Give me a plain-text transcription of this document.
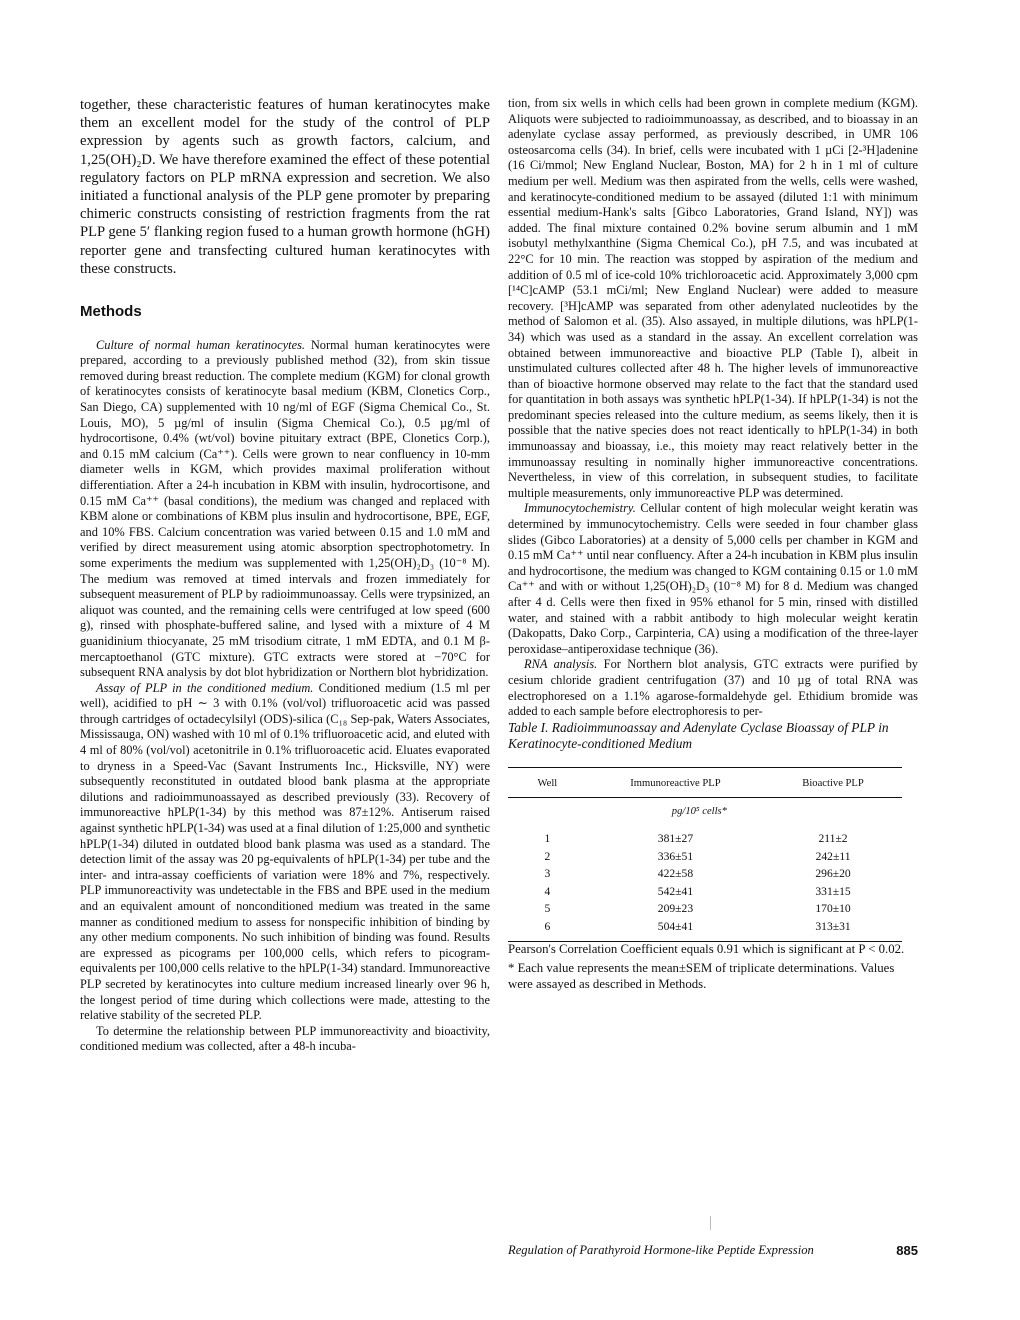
together, these characteristic features of human keratinocytes make them an excellent model for the study of the control of PLP expression by agents such as growth factors, calcium, and 1,25(OH)₂D. We have therefore examined the effect of these potential regulatory factors on PLP mRNA expression and secretion. We also initiated a functional analysis of the PLP gene promoter by preparing chimeric constructs consisting of restriction fragments from the rat PLP gene 5′ flanking region fused to a human growth hormone (hGH) reporter gene and transfecting cultured human keratinocytes with these constructs.

Methods

Culture of normal human keratinocytes. Normal human keratinocytes were prepared, according to a previously published method (32), from skin tissue removed during breast reduction. The complete medium (KGM) for clonal growth of keratinocytes consists of keratinocyte basal medium (KBM, Clonetics Corp., San Diego, CA) supplemented with 10 ng/ml of EGF (Sigma Chemical Co., St. Louis, MO), 5 µg/ml of insulin (Sigma Chemical Co.), 0.5 µg/ml of hydrocortisone, 0.4% (wt/vol) bovine pituitary extract (BPE, Clonetics Corp.), and 0.15 mM calcium (Ca⁺⁺). Cells were grown to near confluency in 10-mm diameter wells in KGM, which provides maximal proliferation without differentiation. After a 24-h incubation in KBM with insulin, hydrocortisone, and 0.15 mM Ca⁺⁺ (basal conditions), the medium was changed and replaced with KBM alone or combinations of KBM plus insulin and hydrocortisone, BPE, EGF, and 10% FBS. Calcium concentration was varied between 0.15 and 1.0 mM and verified by direct measurement using atomic absorption spectrophotometry. In some experiments the medium was supplemented with 1,25(OH)₂D₃ (10⁻⁸ M). The medium was removed at timed intervals and frozen immediately for subsequent measurement of PLP by radioimmunoassay. Cells were trypsinized, an aliquot was counted, and the remaining cells were centrifuged at low speed (600 g), rinsed with phosphate-buffered saline, and lysed with a mixture of 4 M guanidinium thiocyanate, 25 mM trisodium citrate, 1 mM EDTA, and 0.1 M β-mercaptoethanol (GTC mixture). GTC extracts were stored at −70°C for subsequent RNA analysis by dot blot hybridization or Northern blot hybridization.

Assay of PLP in the conditioned medium. Conditioned medium (1.5 ml per well), acidified to pH ∼ 3 with 0.1% (vol/vol) trifluoroacetic acid was passed through cartridges of octadecylsilyl (ODS)-silica (C₁₈ Sep-pak, Waters Associates, Mississauga, ON) washed with 10 ml of 0.1% trifluoroacetic acid, and eluted with 4 ml of 80% (vol/vol) acetonitrile in 0.1% trifluoroacetic acid. Eluates evaporated to dryness in a Speed-Vac (Savant Instruments Inc., Hicksville, NY) were subsequently reconstituted in outdated blood bank plasma at the appropriate dilutions and radioimmunoassayed as described previously (33). Recovery of immunoreactive hPLP(1-34) by this method was 87±12%. Antiserum raised against synthetic hPLP(1-34) was used at a final dilution of 1:25,000 and synthetic hPLP(1-34) diluted in outdated blood bank plasma was used as a standard. The detection limit of the assay was 20 pg-equivalents of hPLP(1-34) per tube and the inter- and intra-assay coefficients of variation were 18% and 7%, respectively. PLP immunoreactivity was undetectable in the FBS and BPE used in the medium and an equivalent amount of nonconditioned medium was treated in the same manner as conditioned medium to assess for nonspecific inhibition of binding by any other medium components. No such inhibition of binding was found. Results are expressed as picograms per 100,000 cells, which refers to picogram-equivalents per 100,000 cells relative to the hPLP(1-34) standard. Immunoreactive PLP secreted by keratinocytes into culture medium increased linearly over 96 h, the longest period of time during which collections were made, attesting to the relative stability of the secreted PLP.

To determine the relationship between PLP immunoreactivity and bioactivity, conditioned medium was collected, after a 48-h incuba-

tion, from six wells in which cells had been grown in complete medium (KGM). Aliquots were subjected to radioimmunoassay, as described, and to bioassay in an adenylate cyclase assay performed, as previously described, in UMR 106 osteosarcoma cells (34). In brief, cells were incubated with 1 µCi [2-³H]adenine (16 Ci/mmol; New England Nuclear, Boston, MA) for 2 h in 1 ml of culture medium per well. Medium was then aspirated from the wells, cells were washed, and keratinocyte-conditioned medium to be assayed (diluted 1:1 with minimum essential medium-Hank's salts [Gibco Laboratories, Grand Island, NY]) was added. The final mixture contained 0.2% bovine serum albumin and 1 mM isobutyl methylxanthine (Sigma Chemical Co.), pH 7.5, and was incubated at 22°C for 10 min. The reaction was stopped by aspiration of the medium and addition of 0.5 ml of ice-cold 10% trichloroacetic acid. Approximately 3,000 cpm [¹⁴C]cAMP (53.1 mCi/ml; New England Nuclear) were added to measure recovery. [³H]cAMP was separated from other adenylated nucleotides by the method of Salomon et al. (35). Also assayed, in multiple dilutions, was hPLP(1-34) which was used as a standard in the assay. An excellent correlation was obtained between immunoreactive and bioactive PLP (Table I), albeit in unstimulated cultures collected after 48 h. The higher levels of immunoreactive than of bioactive hormone observed may relate to the fact that the standard used for quantitation in both assays was synthetic hPLP(1-34). If hPLP(1-34) is not the predominant species released into the culture medium, as seems likely, then it is possible that the native species does not react identically to hPLP(1-34) in both immunoassay and bioassay, i.e., this moiety may react relatively better in the immunoassay resulting in nominally higher immunoreactive concentrations. Nevertheless, in view of this correlation, in subsequent studies, to facilitate multiple measurements, only immunoreactive PLP was determined.

Immunocytochemistry. Cellular content of high molecular weight keratin was determined by immunocytochemistry. Cells were seeded in four chamber glass slides (Gibco Laboratories) at a density of 5,000 cells per chamber in KGM and 0.15 mM Ca⁺⁺ until near confluency. After a 24-h incubation in KBM plus insulin and hydrocortisone, the medium was changed to KGM containing 0.15 or 1.0 mM Ca⁺⁺ and with or without 1,25(OH)₂D₃ (10⁻⁸ M) for 8 d. Medium was changed after 4 d. Cells were then fixed in 95% ethanol for 5 min, rinsed with distilled water, and stained with a rabbit antibody to high molecular weight keratin (Dakopatts, Dako Corp., Carpinteria, CA) using a modification of the three-layer peroxidase–antiperoxidase technique (36).

RNA analysis. For Northern blot analysis, GTC extracts were purified by cesium chloride gradient centrifugation (37) and 10 µg of total RNA was electrophoresed on a 1.1% agarose-formaldehyde gel. Ethidium bromide was added to each sample before electrophoresis to per-

Table I. Radioimmunoassay and Adenylate Cyclase Bioassay of PLP in Keratinocyte-conditioned Medium

Well	Immunoreactive PLP	Bioactive PLP
	pg/10⁵ cells*	
1	381±27	211±2
2	336±51	242±11
3	422±58	296±20
4	542±41	331±15
5	209±23	170±10
6	504±41	313±31

Pearson's Correlation Coefficient equals 0.91 which is significant at P < 0.02.

* Each value represents the mean±SEM of triplicate determinations. Values were assayed as described in Methods.

Regulation of Parathyroid Hormone-like Peptide Expression	885
